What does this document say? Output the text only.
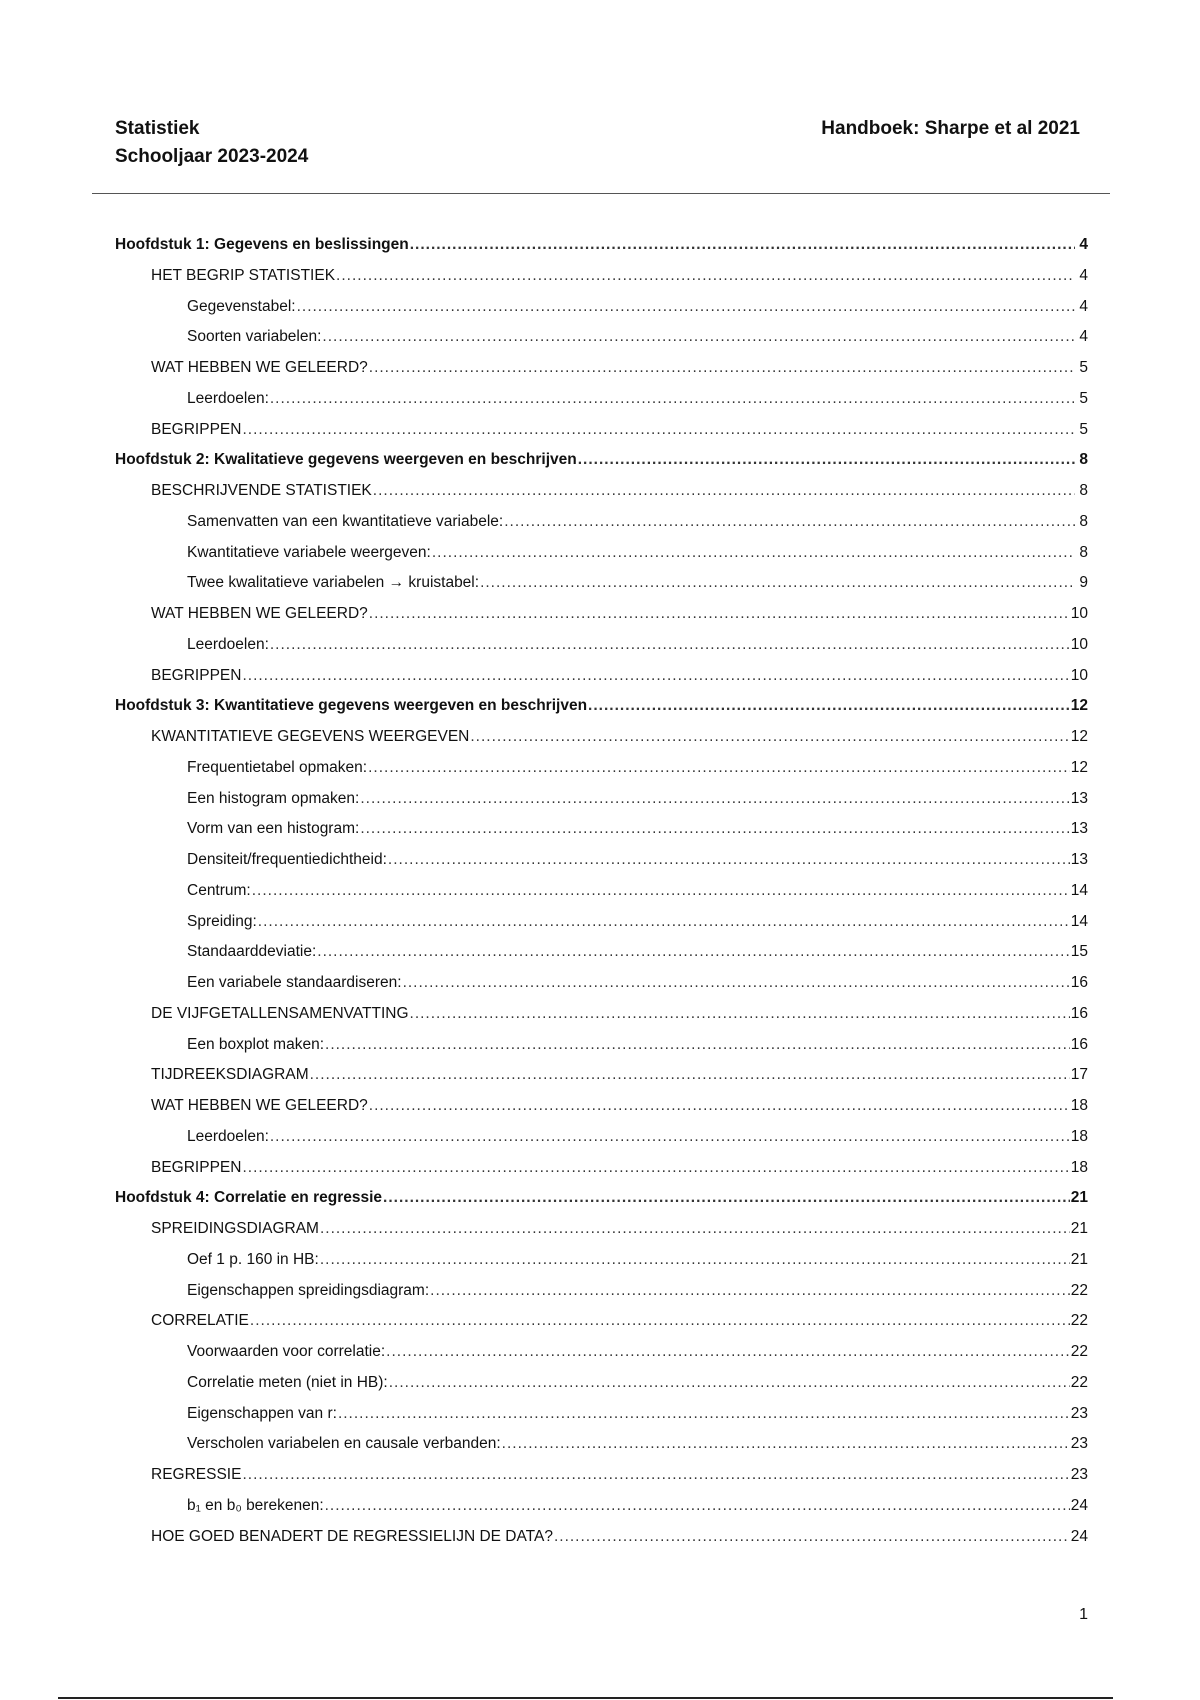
Statistiek
Schooljaar 2023-2024
Handboek: Sharpe et al 2021
Hoofdstuk 1: Gegevens en beslissingen .....	4
HET BEGRIP STATISTIEK .....	4
Gegevenstabel: .....	4
Soorten variabelen: .....	4
WAT HEBBEN WE GELEERD? .....	5
Leerdoelen: .....	5
BEGRIPPEN .....	5
Hoofdstuk 2: Kwalitatieve gegevens weergeven en beschrijven .....	8
BESCHRIJVENDE STATISTIEK .....	8
Samenvatten van een kwantitatieve variabele: .....	8
Kwantitatieve variabele weergeven: .....	8
Twee kwalitatieve variabelen → kruistabel: .....	9
WAT HEBBEN WE GELEERD? .....	10
Leerdoelen: .....	10
BEGRIPPEN .....	10
Hoofdstuk 3: Kwantitatieve gegevens weergeven en beschrijven .....	12
KWANTITATIEVE GEGEVENS WEERGEVEN .....	12
Frequentietabel opmaken: .....	12
Een histogram opmaken: .....	13
Vorm van een histogram: .....	13
Densiteit/frequentiedichtheid: .....	13
Centrum: .....	14
Spreiding: .....	14
Standaarddeviatie: .....	15
Een variabele standaardiseren: .....	16
DE VIJFGETALLENSAMENVATTING .....	16
Een boxplot maken: .....	16
TIJDREEKSDIAGRAM .....	17
WAT HEBBEN WE GELEERD? .....	18
Leerdoelen: .....	18
BEGRIPPEN .....	18
Hoofdstuk 4: Correlatie en regressie .....	21
SPREIDINGSDIAGRAM .....	21
Oef 1 p. 160 in HB: .....	21
Eigenschappen spreidingsdiagram: .....	22
CORRELATIE .....	22
Voorwaarden voor correlatie: .....	22
Correlatie meten (niet in HB): .....	22
Eigenschappen van r: .....	23
Verscholen variabelen en causale verbanden: .....	23
REGRESSIE .....	23
b₁ en b₀ berekenen: .....	24
HOE GOED BENADERT DE REGRESSIELIJN DE DATA? .....	24
1
